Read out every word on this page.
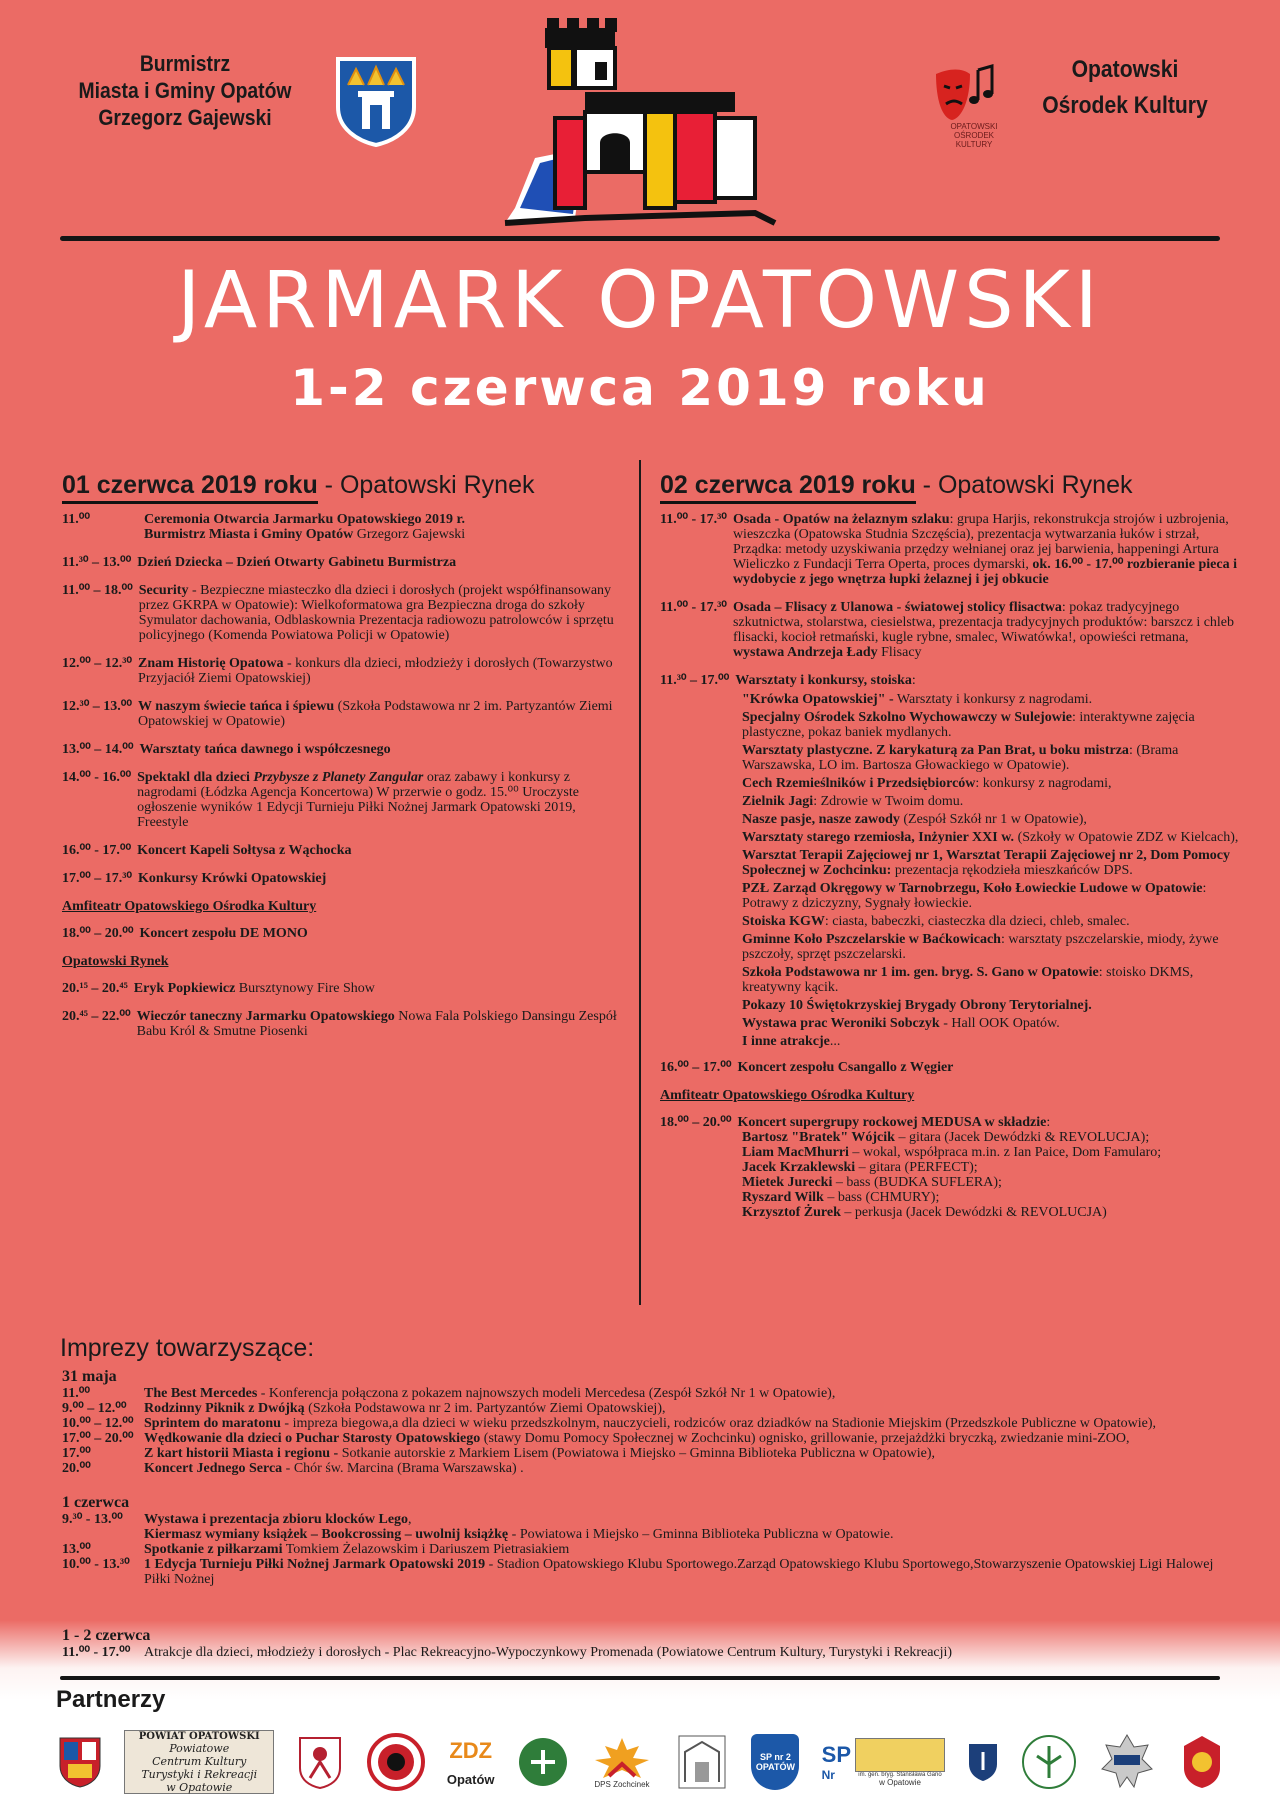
Burmistrz
Miasta i Gminy Opatów
Grzegorz Gajewski	OPATOWSKI
OŚRODEK
KULTURY
Opatowski
Ośrodek Kultury
JARMARK OPATOWSKI
1-2 czerwca 2019 roku
01 czerwca 2019 roku - Opatowski Rynek
11.⁰⁰	Ceremonia Otwarcia Jarmarku Opatowskiego 2019 r.
Burmistrz Miasta i Gminy Opatów Grzegorz Gajewski
11.³⁰ – 13.⁰⁰ Dzień Dziecka – Dzień Otwarty Gabinetu Burmistrza
11.⁰⁰ – 18.⁰⁰ Security - Bezpieczne miasteczko dla dzieci i dorosłych (projekt współfinansowany przez GKRPA w Opatowie): Wielkoformatowa gra Bezpieczna droga do szkoły Symulator dachowania, Odblaskownia Prezentacja radiowozu patrolowców i sprzętu policyjnego (Komenda Powiatowa Policji w Opatowie)
12.⁰⁰ – 12.³⁰ Znam Historię Opatowa - konkurs dla dzieci, młodzieży i dorosłych (Towarzystwo Przyjaciół Ziemi Opatowskiej)
12.³⁰ – 13.⁰⁰ W naszym świecie tańca i śpiewu (Szkoła Podstawowa nr 2 im. Partyzantów Ziemi Opatowskiej w Opatowie)
13.⁰⁰ – 14.⁰⁰ Warsztaty tańca dawnego i współczesnego
14.⁰⁰ - 16.⁰⁰ Spektakl dla dzieci Przybysze z Planety Zangular oraz zabawy i konkursy z nagrodami (Łódzka Agencja Koncertowa) W przerwie o godz. 15.⁰⁰ Uroczyste ogłoszenie wyników 1 Edycji Turnieju Piłki Nożnej Jarmark Opatowski 2019, Freestyle
16.⁰⁰ - 17.⁰⁰ Koncert Kapeli Sołtysa z Wąchocka
17.⁰⁰ – 17.³⁰ Konkursy Krówki Opatowskiej
Amfiteatr Opatowskiego Ośrodka Kultury
18.⁰⁰ – 20.⁰⁰ Koncert zespołu DE MONO
Opatowski Rynek
20.¹⁵ – 20.⁴⁵ Eryk Popkiewicz Bursztynowy Fire Show
20.⁴⁵ – 22.⁰⁰ Wieczór taneczny Jarmarku Opatowskiego Nowa Fala Polskiego Dansingu Zespół Babu Król & Smutne Piosenki
02 czerwca 2019 roku - Opatowski Rynek
11.⁰⁰ - 17.³⁰ Osada - Opatów na żelaznym szlaku: grupa Harjis, rekonstrukcja strojów i uzbrojenia, wieszczka (Opatowska Studnia Szczęścia), prezentacja wytwarzania łuków i strzał, Prządka: metody uzyskiwania przędzy wełnianej oraz jej barwienia, happeningi Artura Wieliczko z Fundacji Terra Operta, proces dymarski, ok. 16.⁰⁰ - 17.⁰⁰ rozbieranie pieca i wydobycie z jego wnętrza łupki żelaznej i jej obkucie
11.⁰⁰ - 17.³⁰ Osada – Flisacy z Ulanowa - światowej stolicy flisactwa: pokaz tradycyjnego szkutnictwa, stolarstwa, ciesielstwa, prezentacja tradycyjnych produktów: barszcz i chleb flisacki, kocioł retmański, kugle rybne, smalec, Wiwatówka!, opowieści retmana, wystawa Andrzeja Łady Flisacy
11.³⁰ – 17.⁰⁰ Warsztaty i konkursy, stoiska:
"Krówka Opatowskiej" - Warsztaty i konkursy z nagrodami.
Specjalny Ośrodek Szkolno Wychowawczy w Sulejowie: interaktywne zajęcia plastyczne, pokaz baniek mydlanych.
Warsztaty plastyczne. Z karykaturą za Pan Brat, u boku mistrza: (Brama Warszawska, LO im. Bartosza Głowackiego w Opatowie).
Cech Rzemieślników i Przedsiębiorców: konkursy z nagrodami,
Zielnik Jagi: Zdrowie w Twoim domu.
Nasze pasje, nasze zawody (Zespół Szkół nr 1 w Opatowie),
Warsztaty starego rzemiosła, Inżynier XXI w. (Szkoły w Opatowie ZDZ w Kielcach),
Warsztat Terapii Zajęciowej nr 1, Warsztat Terapii Zajęciowej nr 2, Dom Pomocy Społecznej w Zochcinku: prezentacja rękodzieła mieszkańców DPS.
PZŁ Zarząd Okręgowy w Tarnobrzegu, Koło Łowieckie Ludowe w Opatowie: Potrawy z dziczyzny, Sygnały łowieckie.
Stoiska KGW: ciasta, babeczki, ciasteczka dla dzieci, chleb, smalec.
Gminne Koło Pszczelarskie w Baćkowicach: warsztaty pszczelarskie, miody, żywe pszczoły, sprzęt pszczelarski.
Szkoła Podstawowa nr 1 im. gen. bryg. S. Gano w Opatowie: stoisko DKMS, kreatywny kącik.
Pokazy 10 Świętokrzyskiej Brygady Obrony Terytorialnej.
Wystawa prac Weroniki Sobczyk - Hall OOK Opatów.
I inne atrakcje...
16.⁰⁰ – 17.⁰⁰ Koncert zespołu Csangallo z Węgier
Amfiteatr Opatowskiego Ośrodka Kultury
18.⁰⁰ – 20.⁰⁰ Koncert supergrupy rockowej MEDUSA w składzie:
Bartosz "Bratek" Wójcik – gitara (Jacek Dewódzki & REVOLUCJA);
Liam MacMhurri – wokal, współpraca m.in. z Ian Paice, Dom Famularo;
Jacek Krzaklewski – gitara (PERFECT);
Mietek Jurecki – bass (BUDKA SUFLERA);
Ryszard Wilk – bass (CHMURY);
Krzysztof Żurek – perkusja (Jacek Dewódzki & REVOLUCJA)
Imprezy towarzyszące:
31 maja
11.⁰⁰	The Best Mercedes - Konferencja połączona z pokazem najnowszych modeli Mercedesa (Zespół Szkół Nr 1 w Opatowie),
9.⁰⁰ – 12.⁰⁰	Rodzinny Piknik z Dwójką (Szkoła Podstawowa nr 2 im. Partyzantów Ziemi Opatowskiej),
10.⁰⁰ – 12.⁰⁰ Sprintem do maratonu - impreza biegowa,a dla dzieci w wieku przedszkolnym, nauczycieli, rodziców oraz dziadków na Stadionie Miejskim (Przedszkole Publiczne w Opatowie),
17.⁰⁰ – 20.⁰⁰ Wędkowanie dla dzieci o Puchar Starosty Opatowskiego (stawy Domu Pomocy Społecznej w Zochcinku) ognisko, grillowanie, przejażdżki bryczką, zwiedzanie mini-ZOO,
17.⁰⁰	Z kart historii Miasta i regionu - Sotkanie autorskie z Markiem Lisem (Powiatowa i Miejsko – Gminna Biblioteka Publiczna w Opatowie),
20.⁰⁰	Koncert Jednego Serca - Chór św. Marcina (Brama Warszawska) .
1 czerwca
9.³⁰ - 13.⁰⁰	Wystawa i prezentacja zbioru klocków Lego,
Kiermasz wymiany książek – Bookcrossing – uwolnij książkę - Powiatowa i Miejsko – Gminna Biblioteka Publiczna w Opatowie.
13.⁰⁰	Spotkanie z piłkarzami Tomkiem Żelazowskim i Dariuszem Pietrasiakiem
10.⁰⁰ - 13.³⁰	1 Edycja Turnieju Piłki Nożnej Jarmark Opatowski 2019 - Stadion Opatowskiego Klubu Sportowego.Zarząd Opatowskiego Klubu Sportowego,Stowarzyszenie Opatowskiej Ligi Halowej Piłki Nożnej
1 - 2 czerwca
11.⁰⁰ - 17.⁰⁰ Atrakcje dla dzieci, młodzieży i dorosłych - Plac Rekreacyjno-Wypoczynkowy Promenada (Powiatowe Centrum Kultury, Turystyki i Rekreacji)
Partnerzy
POWIAT OPATOWSKI
Powiatowe
Centrum Kultury
Turystyki i Rekreacji
w Opatowie
ZDZ
Opatów	DPS Zochcinek
SP nr 2
OPATÓW SP
Nr	im. gen. bryg. Stanisława Gano
w Opatowie
